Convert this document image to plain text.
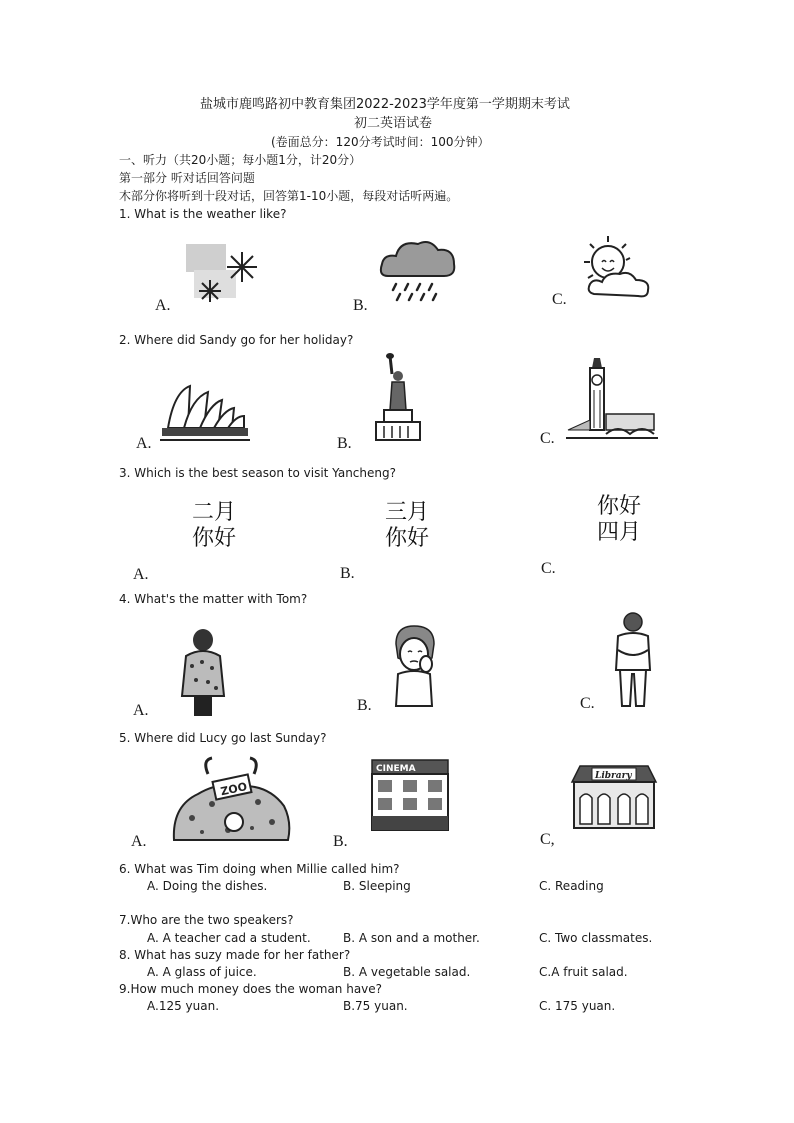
盐城市鹿鸣路初中教育集团2022-2023学年度第一学期期末考试
初二英语试卷
(卷面总分：120分考试时间：100分钟）
一、听力（共20小题；每小题1分，计20分）
第一部分 听对话回答问题
木部分你将听到十段对话，回答第1-10小题，每段对话听两遍。
1. What is the weather like?
A.	B.	C.
2. Where did Sandy go for her holiday?
A.	B.	C.
3. Which is the best season to visit Yancheng?
A.	B.	C.
二月
你好
三月
你好
你好
四月
4. What's the matter with Tom?
A.	B.	C.
5. Where did Lucy go last Sunday?
A.	B.	C,
ZOO
CINEMA
Library
6. What was Tim doing when Millie called him?
A. Doing the dishes.	B. Sleeping	C. Reading
7.Who are the two speakers?
A. A teacher cad a student.	B. A son and a mother.	C. Two classmates.
8. What has suzy made for her father?
A. A glass of juice.	B. A vegetable salad.	C.A fruit salad.
9.How much money does the woman have?
A.125 yuan.	B.75 yuan.	C. 175 yuan.
